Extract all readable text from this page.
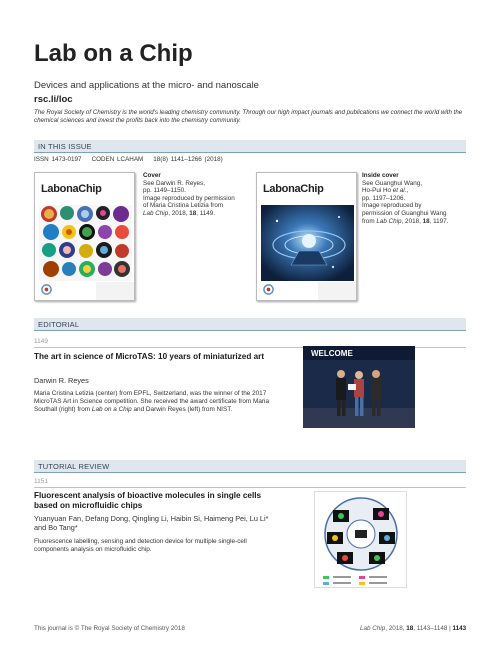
Lab on a Chip
Devices and applications at the micro- and nanoscale
rsc.li/loc
The Royal Society of Chemistry is the world's leading chemistry community. Through our high impact journals and publications we connect the world with the chemical sciences and invest the profits back into the chemistry community.
IN THIS ISSUE
ISSN 1473-0197 CODEN LCAHAM 18(8) 1141–1266 (2018)
LabonaChip
Cover
See Darwin R. Reyes,
pp. 1149–1150.
Image reproduced by permission
of Maria Cristina Letizia from
Lab Chip, 2018, 18, 1149.
LabonaChip
Inside cover
See Guanghui Wang,
Ho-Pui Ho et al.,
pp. 1197–1206.
Image reproduced by
permission of Guanghui Wang
from Lab Chip, 2018, 18, 1197.
EDITORIAL
1149
The art in science of MicroTAS: 10 years of miniaturized art
Darwin R. Reyes
Maria Cristina Letizia (center) from EPFL, Switzerland, was the winner of the 2017 MicroTAS Art in Science competition. She received the award certificate from Maria Southall (right) from Lab on a Chip and Darwin Reyes (left) from NIST.
WELCOME
TUTORIAL REVIEW
1151
Fluorescent analysis of bioactive molecules in single cells based on microfluidic chips
Yuanyuan Fan, Defang Dong, Qingling Li, Haibin Si, Haimeng Pei, Lu Li* and Bo Tang*
Fluorescence labelling, sensing and detection device for multiple single-cell components analysis on microfluidic chip.
This journal is © The Royal Society of Chemistry 2018	Lab Chip, 2018, 18, 1143–1148 | 1143
